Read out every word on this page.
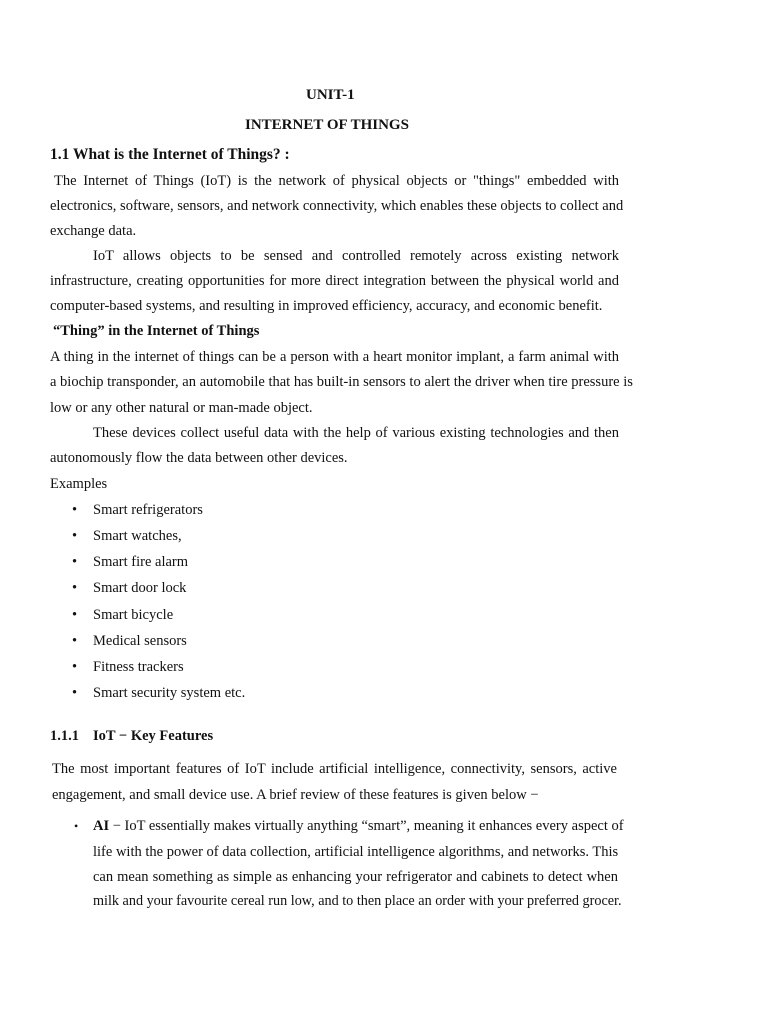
UNIT-1
INTERNET OF THINGS
1.1 What is the Internet of Things? :
The Internet of Things (IoT) is the network of physical objects or "things" embedded with
electronics, software, sensors, and network connectivity, which enables these objects to collect and
exchange data.
IoT allows objects to be sensed and controlled remotely across existing network
infrastructure, creating opportunities for more direct integration between the physical world and
computer-based systems, and resulting in improved efficiency, accuracy, and economic benefit.
“Thing” in the Internet of Things
A thing in the internet of things can be a person with a heart monitor implant, a farm animal with
a biochip transponder, an automobile that has built-in sensors to alert the driver when tire pressure is
low or any other natural or man-made object.
These devices collect useful data with the help of various existing technologies and then
autonomously flow the data between other devices.
Examples
• Smart refrigerators
• Smart watches,
• Smart fire alarm
• Smart door lock
• Smart bicycle
• Medical sensors
• Fitness trackers
• Smart security system etc.
1.1.1 IoT − Key Features
The most important features of IoT include artificial intelligence, connectivity, sensors, active
engagement, and small device use. A brief review of these features is given below −
• AI − IoT essentially makes virtually anything “smart”, meaning it enhances every aspect of
life with the power of data collection, artificial intelligence algorithms, and networks. This
can mean something as simple as enhancing your refrigerator and cabinets to detect when
milk and your favourite cereal run low, and to then place an order with your preferred grocer.
